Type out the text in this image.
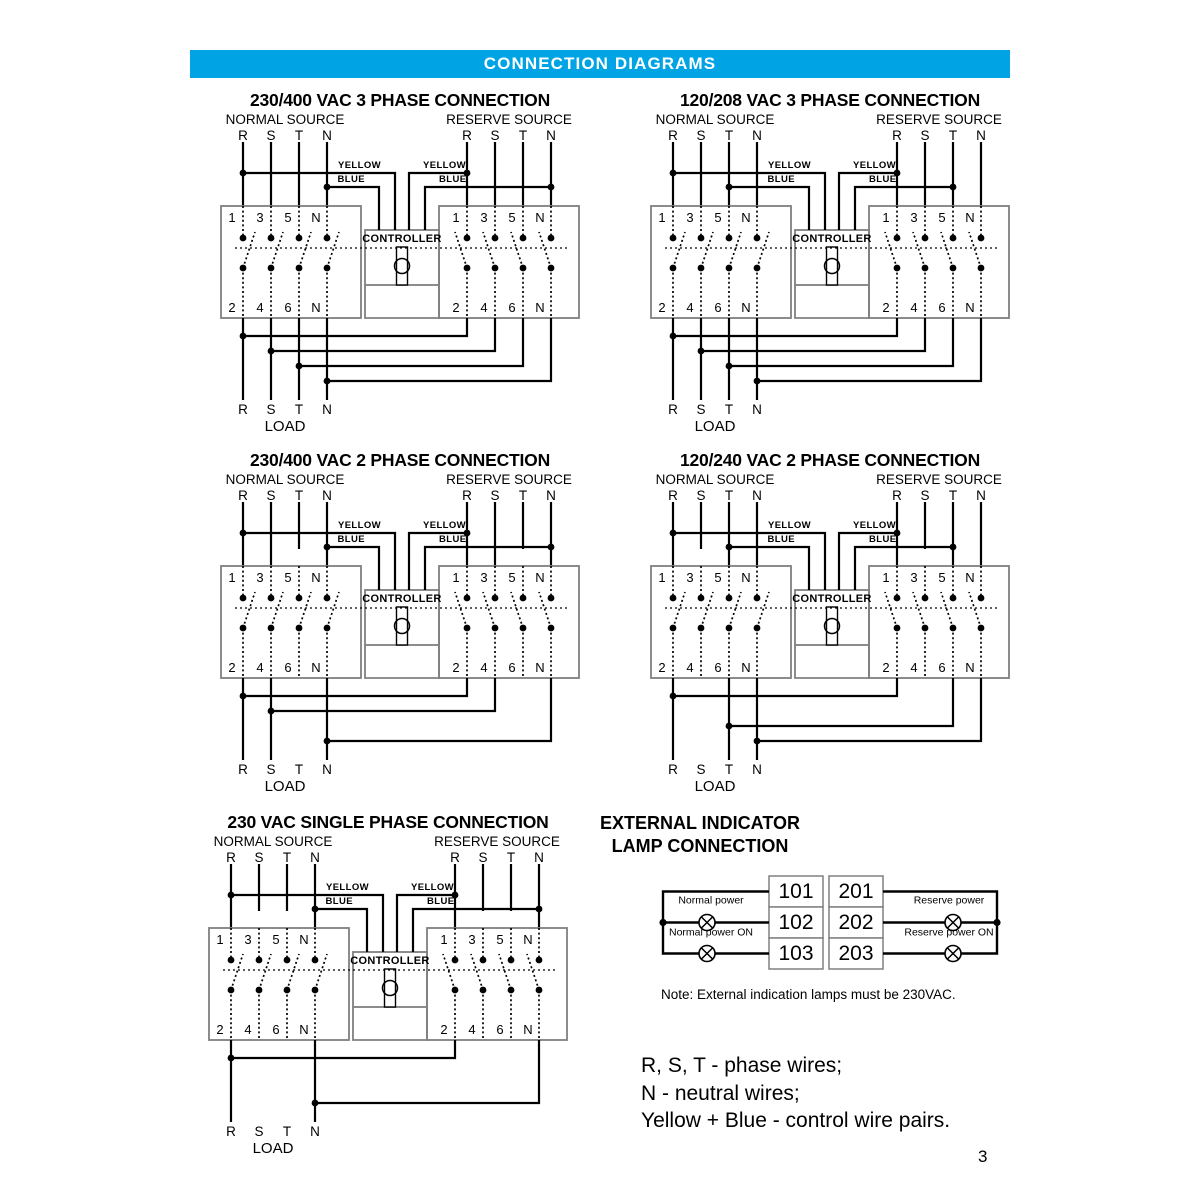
CONNECTION DIAGRAMS
NORMAL SOURCE	RESERVE SOURCE
R S T N	R S T N
CONTROLLER
1
2
3
4
5
6
N
N
1
2
3
4
5
6
N
N
YELLOW
BLUE
YELLOW
BLUE
R S T N
LOAD
230/400 VAC 3 PHASE CONNECTION
NORMAL SOURCE	RESERVE SOURCE
R S T N	R S T N
CONTROLLER
1
2
3
4
5
6
N
N
1
2
3
4
5
6
N
N
YELLOW
BLUE
YELLOW
BLUE
R S T N
LOAD
120/208 VAC 3 PHASE CONNECTION
NORMAL SOURCE	RESERVE SOURCE
R S T N	R S T N
CONTROLLER
1
2
3
4
5
6
N
N
1
2
3
4
5
6
N
N
YELLOW
BLUE
YELLOW
BLUE
R S T N
LOAD
230/400 VAC 2 PHASE CONNECTION
NORMAL SOURCE	RESERVE SOURCE
R S T N	R S T N
CONTROLLER
1
2
3
4
5
6
N
N
1
2
3
4
5
6
N
N
YELLOW
BLUE
YELLOW
BLUE
R S T N
LOAD
120/240 VAC 2 PHASE CONNECTION
NORMAL SOURCE	RESERVE SOURCE
R S T N	R S T N
CONTROLLER
1
2
3
4
5
6
N
N
1
2
3
4
5
6
N
N
YELLOW
BLUE
YELLOW
BLUE
R S T N
LOAD
230 VAC SINGLE PHASE CONNECTION	EXTERNAL INDICATOR
LAMP CONNECTION
101 201
102 202
103 203
Normal power
Normal power ON
Reserve power
Reserve power ON
Note: External indication lamps must be 230VAC.
R, S, T - phase wires;
N - neutral wires;
Yellow + Blue - control wire pairs.
3
